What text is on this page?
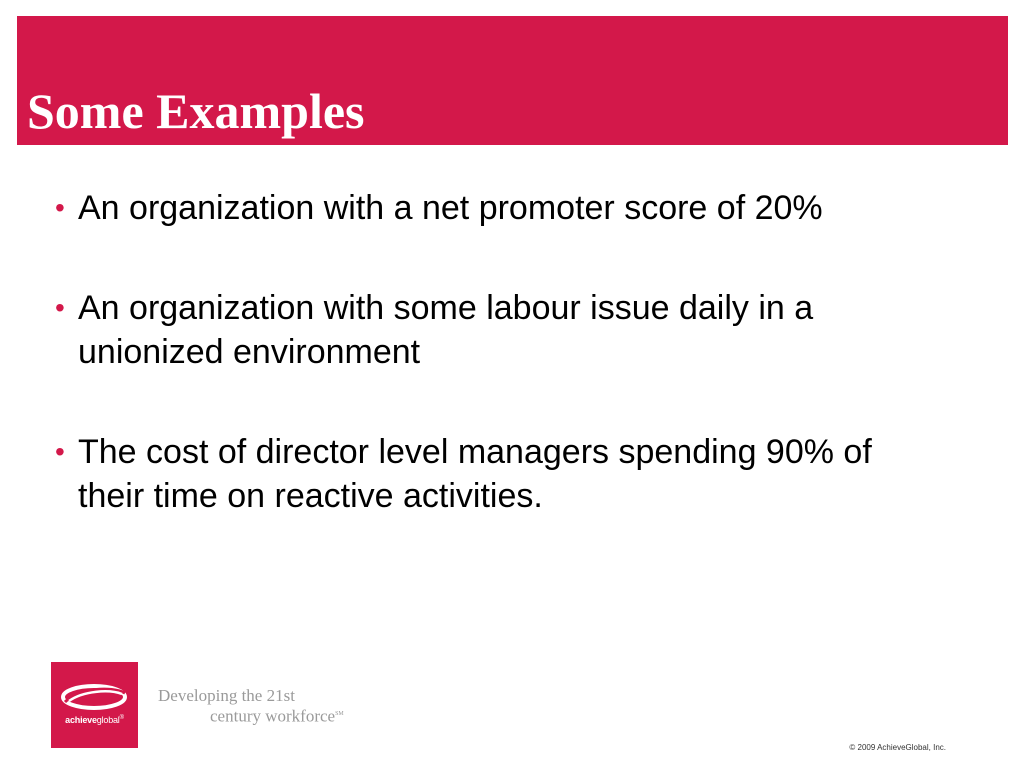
Some Examples
• An organization with a net promoter score of 20%
• An organization with some labour issue daily in a unionized environment
• The cost of director level managers spending 90% of their time on reactive activities.
achieveglobal®
Developing the 21st
century workforce℠
© 2009 AchieveGlobal, Inc.
